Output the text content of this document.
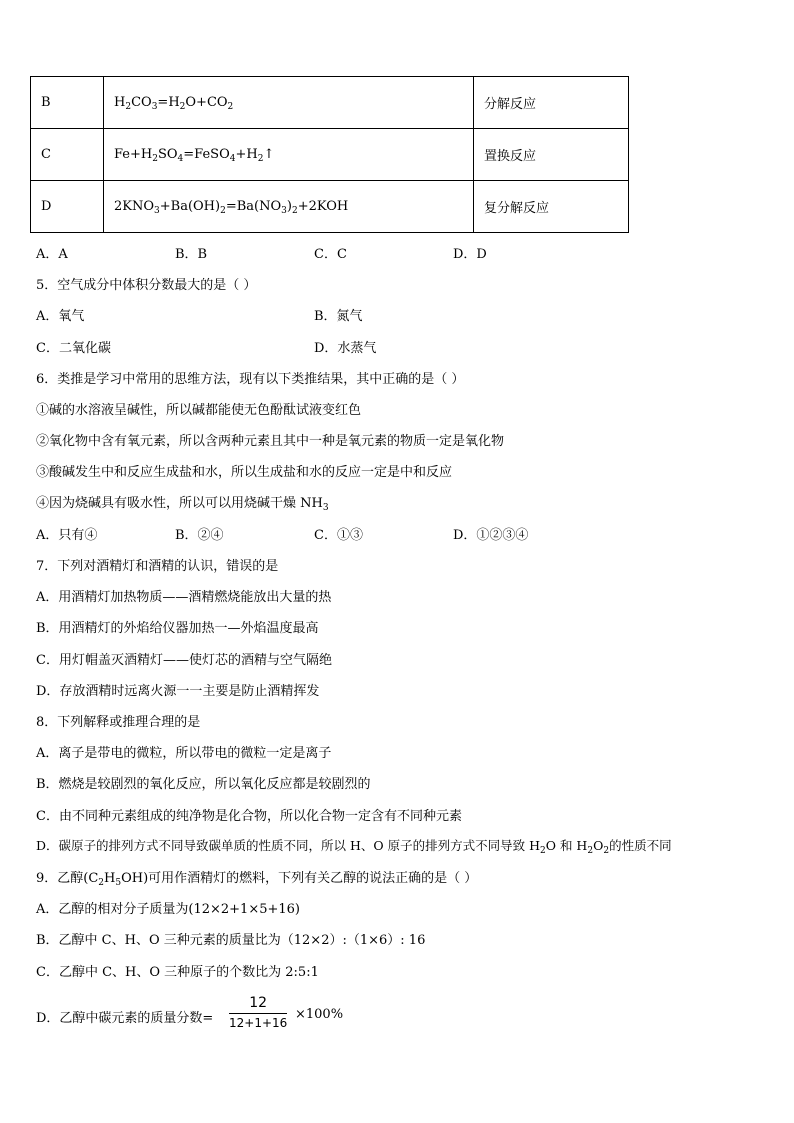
B	$H_2CO_3=H_2O+CO_2$	分解反应
C	$Fe+H_2SO_4=FeSO_4+H_2↑$	置换反应
D	$2KNO_3+Ba(OH)_2=Ba(NO_3)_2+2KOH$	复分解反应
A．A	B．B	C．C	D．D
5．空气成分中体积分数最大的是（ ）
A．氧气	B．氮气
C．二氧化碳	D．水蒸气
6．类推是学习中常用的思维方法，现有以下类推结果，其中正确的是（ ）
①碱的水溶液呈碱性，所以碱都能使无色酚酞试液变红色
②氧化物中含有氧元素，所以含两种元素且其中一种是氧元素的物质一定是氧化物
③酸碱发生中和反应生成盐和水，所以生成盐和水的反应一定是中和反应
④因为烧碱具有吸水性，所以可以用烧碱干燥 $NH_3$
A．只有④	B．②④	C．①③	D．①②③④
7．下列对酒精灯和酒精的认识，错误的是
A．用酒精灯加热物质——酒精燃烧能放出大量的热
B．用酒精灯的外焰给仪器加热一—外焰温度最高
C．用灯帽盖灭酒精灯——使灯芯的酒精与空气隔绝
D．存放酒精时远离火源一一主要是防止酒精挥发
8．下列解释或推理合理的是
A．离子是带电的微粒，所以带电的微粒一定是离子
B．燃烧是较剧烈的氧化反应，所以氧化反应都是较剧烈的
C．由不同种元素组成的纯净物是化合物，所以化合物一定含有不同种元素
D．碳原子的排列方式不同导致碳单质的性质不同，所以 H、O 原子的排列方式不同导致 $H_2O$ 和 $H_2O_2$的性质不同
9．乙醇$(C_2H_5OH)$可用作酒精灯的燃料，下列有关乙醇的说法正确的是（ ）
A．乙醇的相对分子质量为(12×2+1×5+16)
B．乙醇中 C、H、O 三种元素的质量比为（12×2）:（1×6）: 16
C．乙醇中 C、H、O 三种原子的个数比为 2:5:1
D．乙醇中碳元素的质量分数=
12
12+1+16
×100%
